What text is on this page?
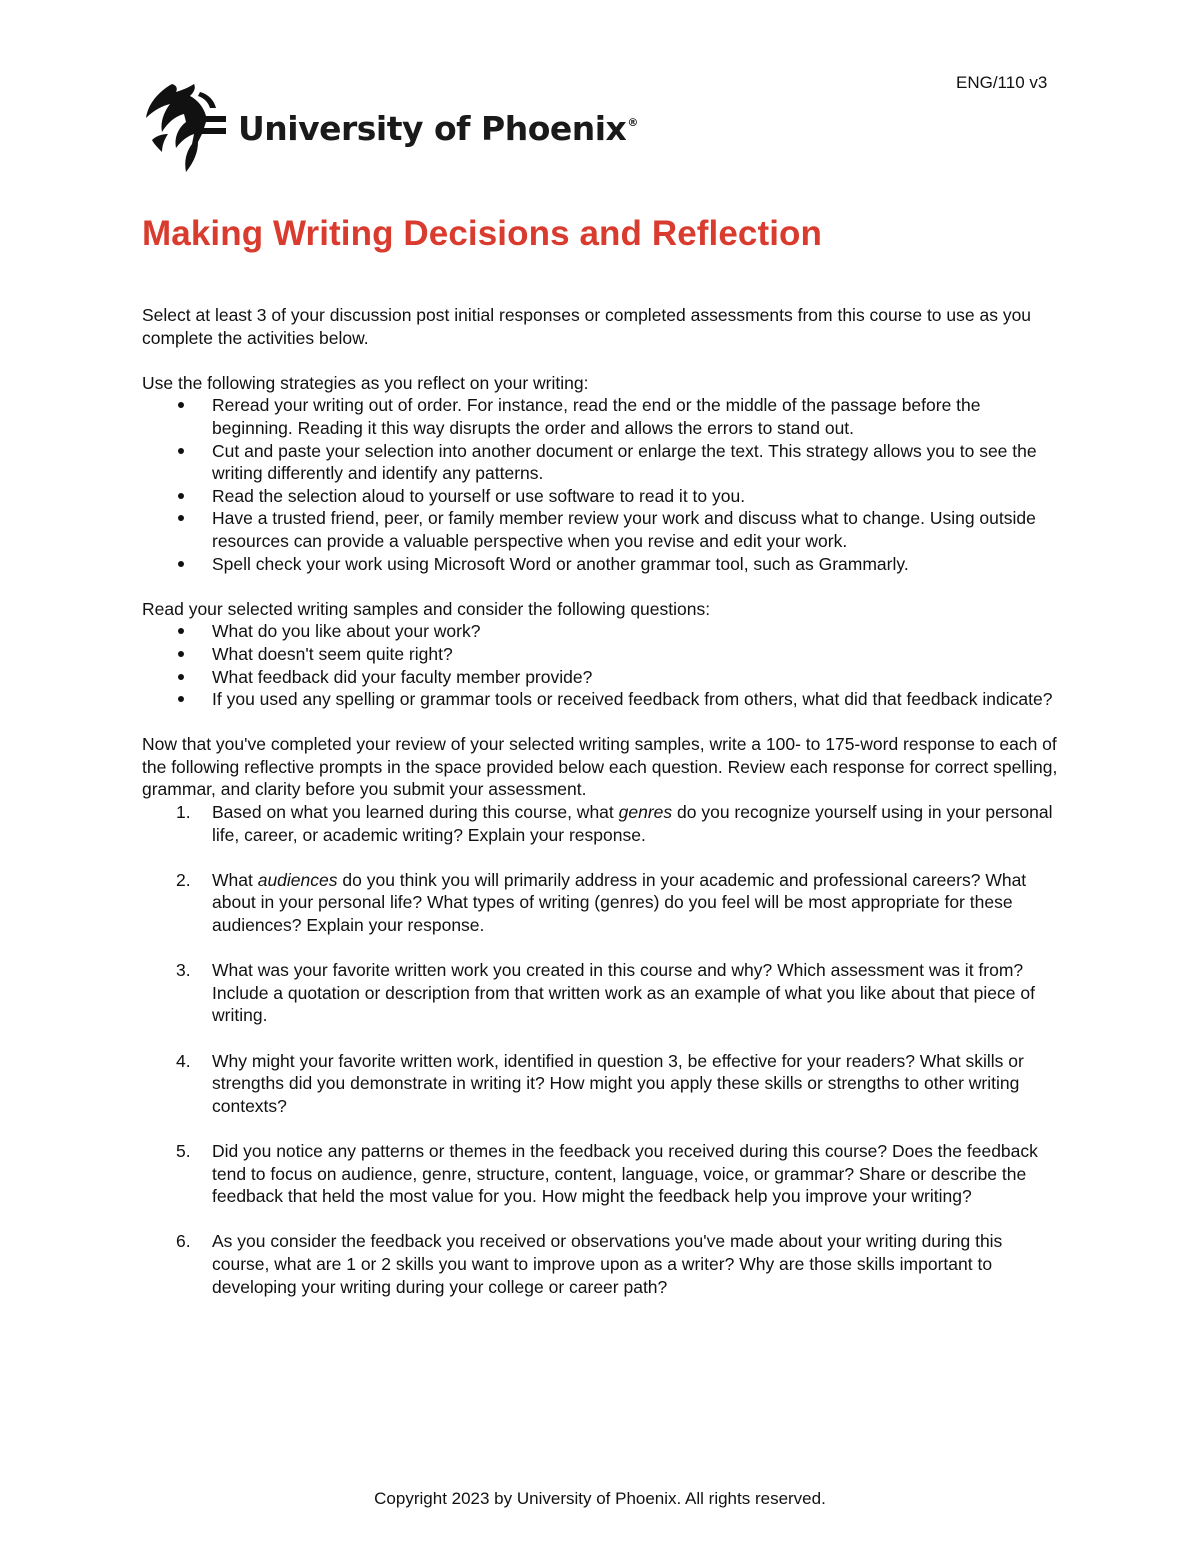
ENG/110 v3
University of Phoenix®
Making Writing Decisions and Reflection

Select at least 3 of your discussion post initial responses or completed assessments from this course to use as you complete the activities below.

Use the following strategies as you reflect on your writing:

Reread your writing out of order. For instance, read the end or the middle of the passage before the beginning. Reading it this way disrupts the order and allows the errors to stand out.
Cut and paste your selection into another document or enlarge the text. This strategy allows you to see the writing differently and identify any patterns.
Read the selection aloud to yourself or use software to read it to you.
Have a trusted friend, peer, or family member review your work and discuss what to change. Using outside resources can provide a valuable perspective when you revise and edit your work.
Spell check your work using Microsoft Word or another grammar tool, such as Grammarly.

Read your selected writing samples and consider the following questions:

What do you like about your work?
What doesn't seem quite right?
What feedback did your faculty member provide?
If you used any spelling or grammar tools or received feedback from others, what did that feedback indicate?

Now that you've completed your review of your selected writing samples, write a 100- to 175-word response to each of the following reflective prompts in the space provided below each question. Review each response for correct spelling, grammar, and clarity before you submit your assessment.

1. Based on what you learned during this course, what genres do you recognize yourself using in your personal life, career, or academic writing? Explain your response.
2. What audiences do you think you will primarily address in your academic and professional careers? What about in your personal life? What types of writing (genres) do you feel will be most appropriate for these audiences? Explain your response.
3. What was your favorite written work you created in this course and why? Which assessment was it from? Include a quotation or description from that written work as an example of what you like about that piece of writing.
4. Why might your favorite written work, identified in question 3, be effective for your readers? What skills or strengths did you demonstrate in writing it? How might you apply these skills or strengths to other writing contexts?
5. Did you notice any patterns or themes in the feedback you received during this course? Does the feedback tend to focus on audience, genre, structure, content, language, voice, or grammar? Share or describe the feedback that held the most value for you. How might the feedback help you improve your writing?
6. As you consider the feedback you received or observations you've made about your writing during this course, what are 1 or 2 skills you want to improve upon as a writer? Why are those skills important to developing your writing during your college or career path?
Copyright 2023 by University of Phoenix. All rights reserved.
